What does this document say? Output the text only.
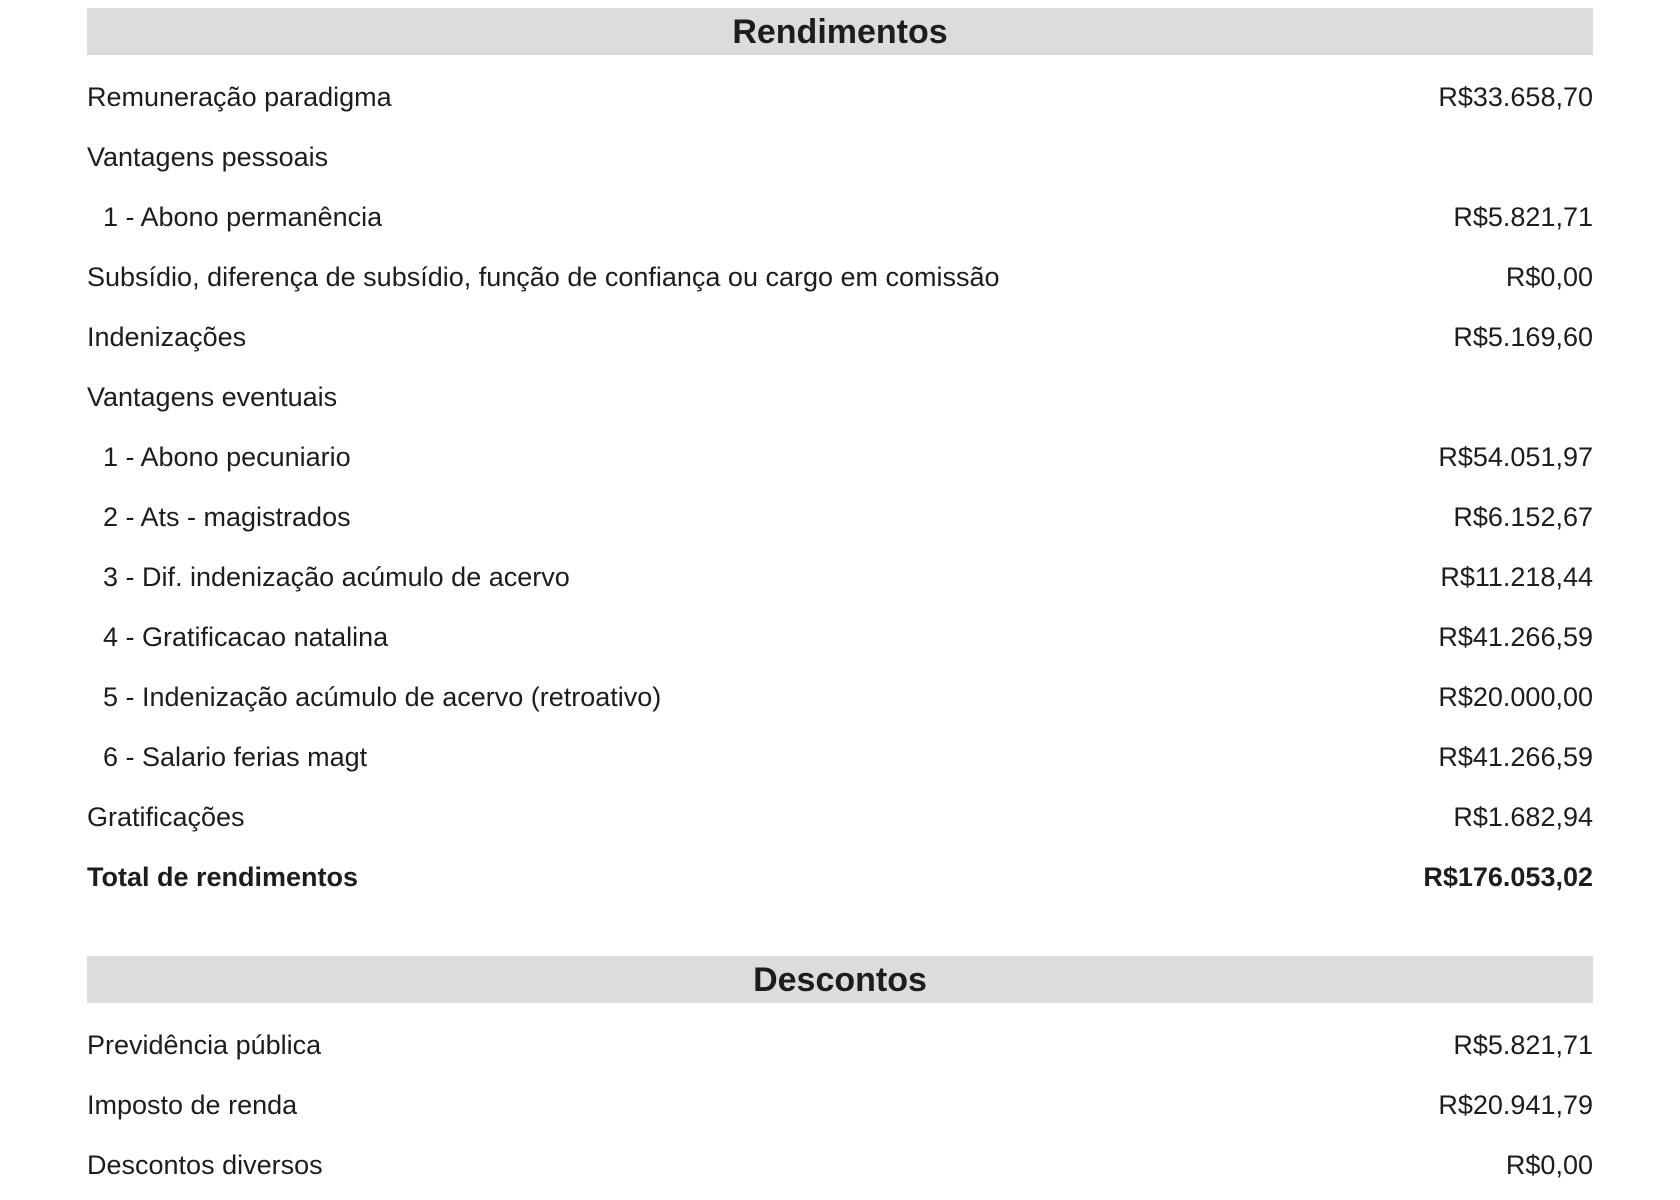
Rendimentos
Remuneração paradigma	R$33.658,70
Vantagens pessoais
1 - Abono permanência	R$5.821,71
Subsídio, diferença de subsídio, função de confiança ou cargo em comissão	R$0,00
Indenizações	R$5.169,60
Vantagens eventuais
1 - Abono pecuniario	R$54.051,97
2 - Ats - magistrados	R$6.152,67
3 - Dif. indenização acúmulo de acervo	R$11.218,44
4 - Gratificacao natalina	R$41.266,59
5 - Indenização acúmulo de acervo (retroativo)	R$20.000,00
6 - Salario ferias magt	R$41.266,59
Gratificações	R$1.682,94
Total de rendimentos	R$176.053,02
Descontos
Previdência pública	R$5.821,71
Imposto de renda	R$20.941,79
Descontos diversos	R$0,00
